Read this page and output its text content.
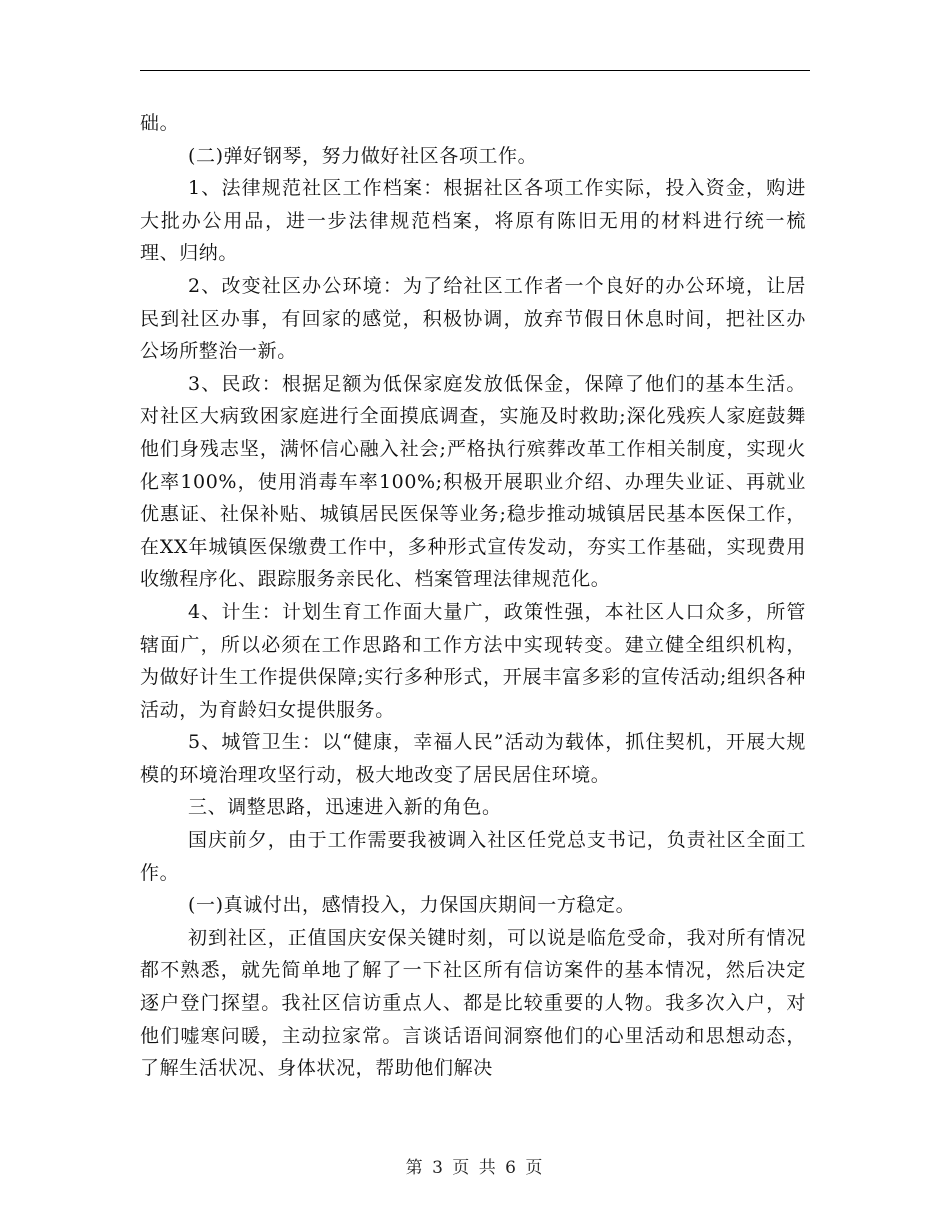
础。

(二)弹好钢琴，努力做好社区各项工作。

1、法律规范社区工作档案：根据社区各项工作实际，投入资金，购进大批办公用品，进一步法律规范档案，将原有陈旧无用的材料进行统一梳理、归纳。

2、改变社区办公环境：为了给社区工作者一个良好的办公环境，让居民到社区办事，有回家的感觉，积极协调，放弃节假日休息时间，把社区办公场所整治一新。

3、民政：根据足额为低保家庭发放低保金，保障了他们的基本生活。对社区大病致困家庭进行全面摸底调查，实施及时救助;深化残疾人家庭鼓舞他们身残志坚，满怀信心融入社会;严格执行殡葬改革工作相关制度，实现火化率100%，使用消毒车率100%;积极开展职业介绍、办理失业证、再就业优惠证、社保补贴、城镇居民医保等业务;稳步推动城镇居民基本医保工作，在XX年城镇医保缴费工作中，多种形式宣传发动，夯实工作基础，实现费用收缴程序化、跟踪服务亲民化、档案管理法律规范化。

4、计生：计划生育工作面大量广，政策性强，本社区人口众多，所管辖面广，所以必须在工作思路和工作方法中实现转变。建立健全组织机构，为做好计生工作提供保障;实行多种形式，开展丰富多彩的宣传活动;组织各种活动，为育龄妇女提供服务。

5、城管卫生：以“健康，幸福人民”活动为载体，抓住契机，开展大规模的环境治理攻坚行动，极大地改变了居民居住环境。

三、调整思路，迅速进入新的角色。

国庆前夕，由于工作需要我被调入社区任党总支书记，负责社区全面工作。

(一)真诚付出，感情投入，力保国庆期间一方稳定。

初到社区，正值国庆安保关键时刻，可以说是临危受命，我对所有情况都不熟悉，就先简单地了解了一下社区所有信访案件的基本情况，然后决定逐户登门探望。我社区信访重点人、都是比较重要的人物。我多次入户，对他们嘘寒问暖，主动拉家常。言谈话语间洞察他们的心里活动和思想动态，了解生活状况、身体状况，帮助他们解决

第 3 页 共 6 页
